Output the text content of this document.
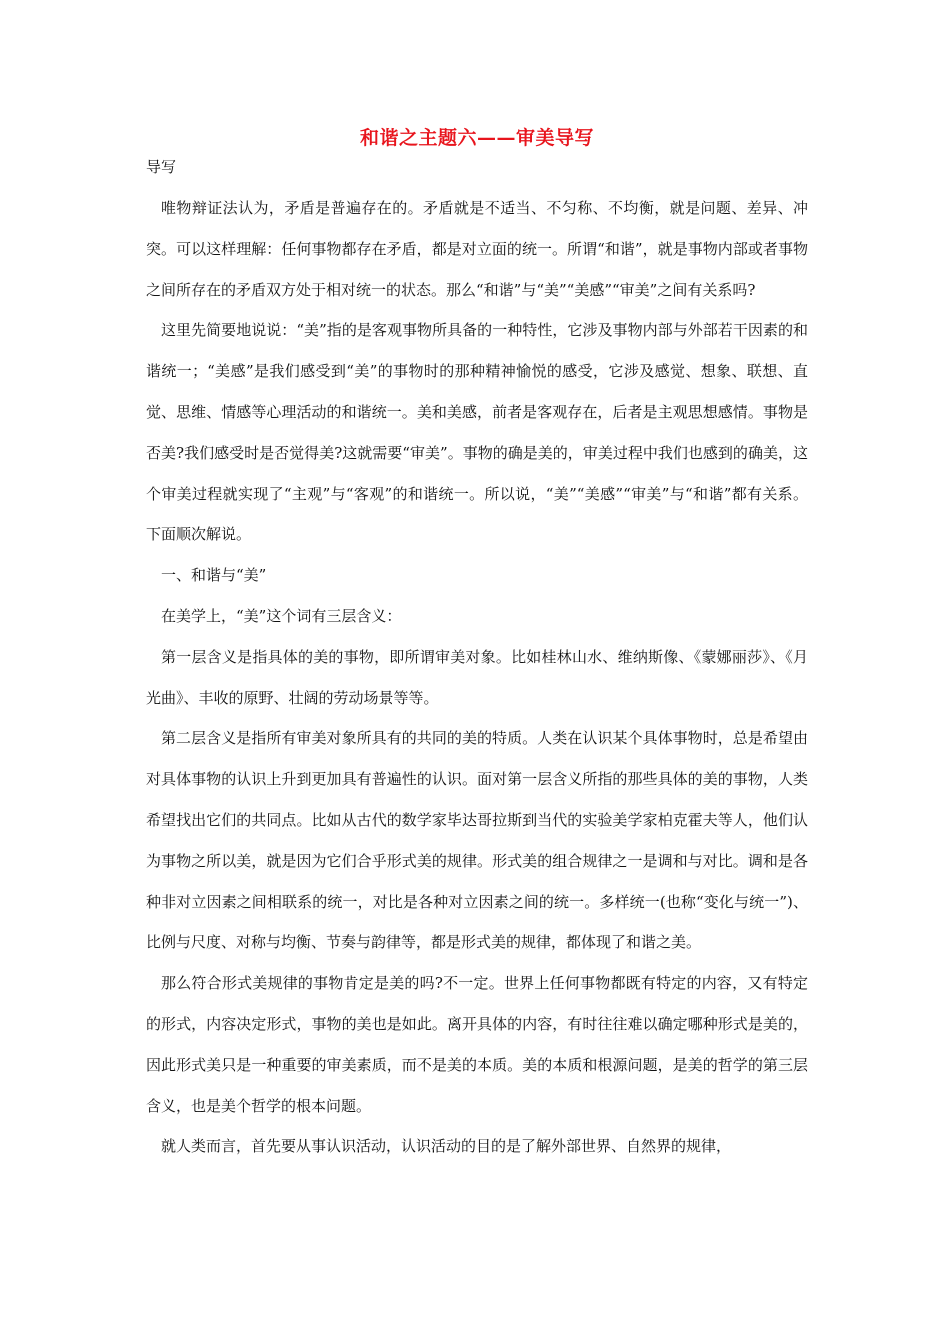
和谐之主题六——审美导写
导写

唯物辩证法认为，矛盾是普遍存在的。矛盾就是不适当、不匀称、不均衡，就是问题、差异、冲突。可以这样理解：任何事物都存在矛盾，都是对立面的统一。所谓“和谐”，就是事物内部或者事物之间所存在的矛盾双方处于相对统一的状态。那么“和谐”与“美”“美感”“审美”之间有关系吗?

这里先简要地说说：“美”指的是客观事物所具备的一种特性，它涉及事物内部与外部若干因素的和谐统一；“美感”是我们感受到“美”的事物时的那种精神愉悦的感受，它涉及感觉、想象、联想、直觉、思维、情感等心理活动的和谐统一。美和美感，前者是客观存在，后者是主观思想感情。事物是否美?我们感受时是否觉得美?这就需要“审美”。事物的确是美的，审美过程中我们也感到的确美，这个审美过程就实现了“主观”与“客观”的和谐统一。所以说，“美”“美感”“审美”与“和谐”都有关系。下面顺次解说。

一、和谐与“美”

在美学上，“美”这个词有三层含义：

第一层含义是指具体的美的事物，即所谓审美对象。比如桂林山水、维纳斯像、《蒙娜丽莎》、《月光曲》、丰收的原野、壮阔的劳动场景等等。

第二层含义是指所有审美对象所具有的共同的美的特质。人类在认识某个具体事物时，总是希望由对具体事物的认识上升到更加具有普遍性的认识。面对第一层含义所指的那些具体的美的事物，人类希望找出它们的共同点。比如从古代的数学家毕达哥拉斯到当代的实验美学家柏克霍夫等人，他们认为事物之所以美，就是因为它们合乎形式美的规律。形式美的组合规律之一是调和与对比。调和是各种非对立因素之间相联系的统一，对比是各种对立因素之间的统一。多样统一(也称“变化与统一”)、比例与尺度、对称与均衡、节奏与韵律等，都是形式美的规律，都体现了和谐之美。

那么符合形式美规律的事物肯定是美的吗?不一定。世界上任何事物都既有特定的内容，又有特定的形式，内容决定形式，事物的美也是如此。离开具体的内容，有时往往难以确定哪种形式是美的，因此形式美只是一种重要的审美素质，而不是美的本质。美的本质和根源问题，是美的哲学的第三层含义，也是美个哲学的根本问题。

就人类而言，首先要从事认识活动，认识活动的目的是了解外部世界、自然界的规律，
